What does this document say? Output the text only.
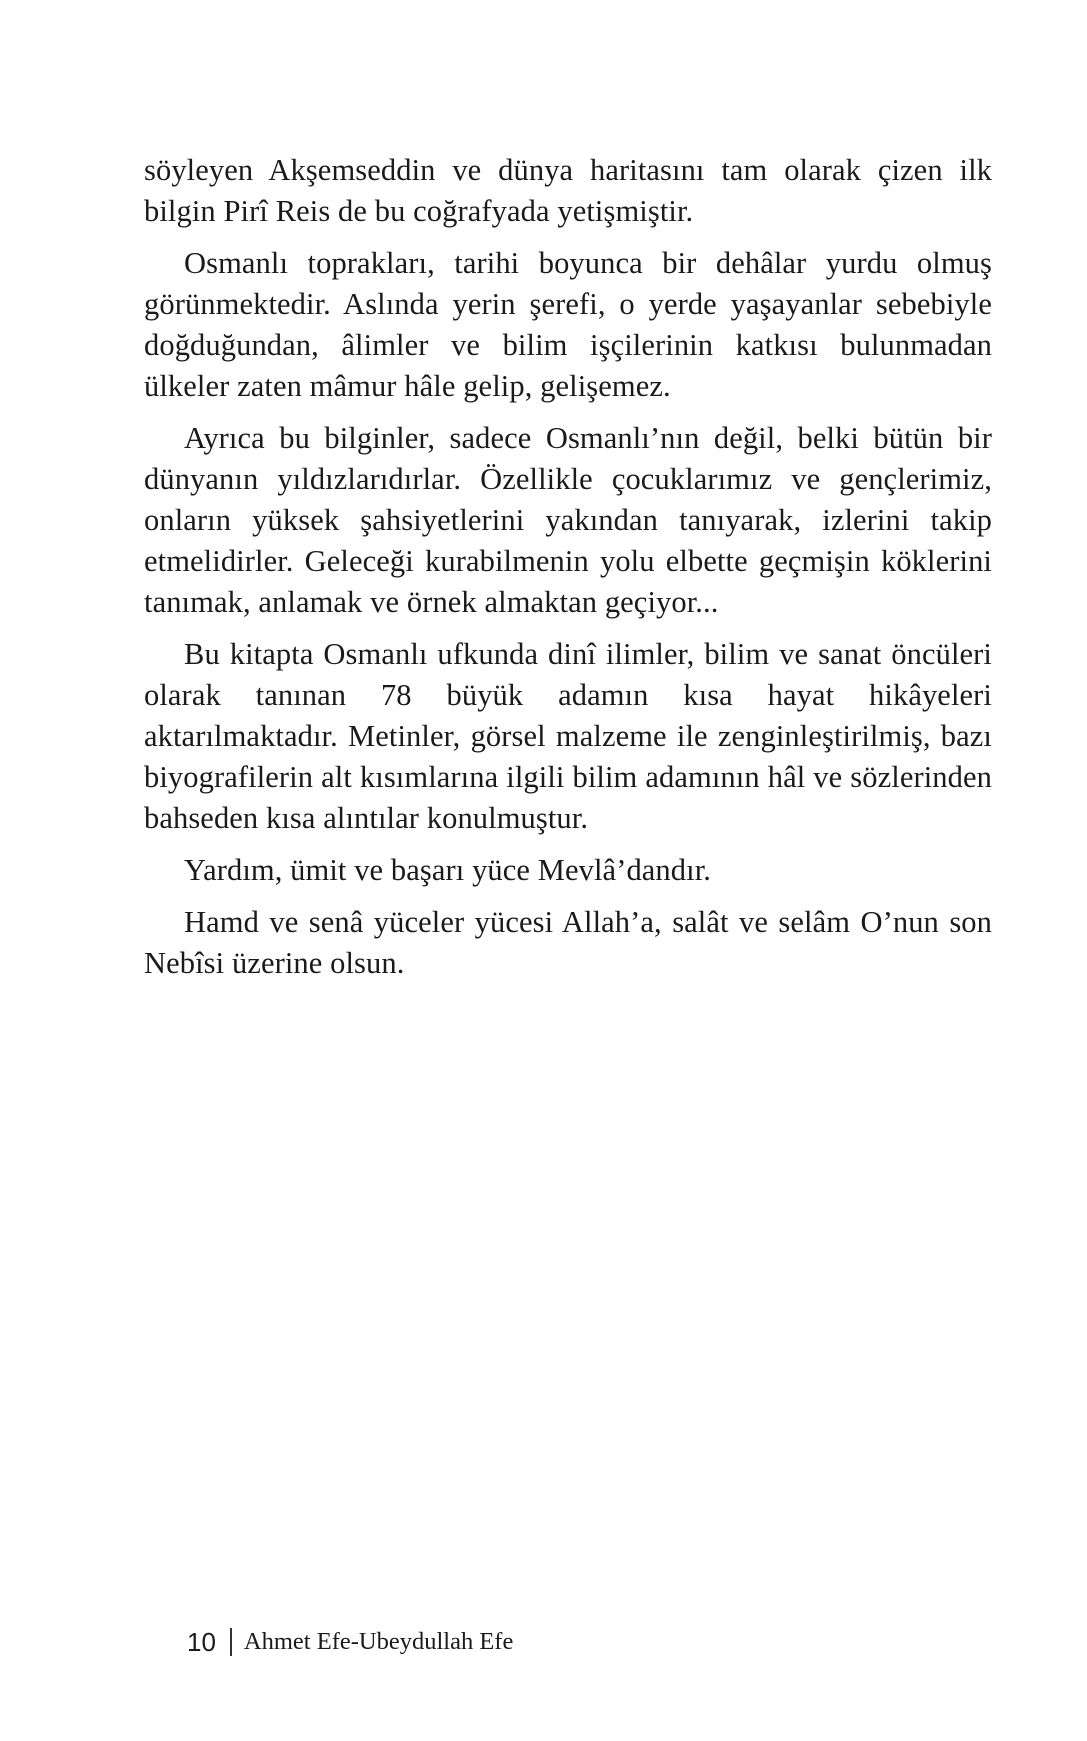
söyleyen Akşemseddin ve dünya haritasını tam olarak çizen ilk bilgin Pirî Reis de bu coğrafyada yetişmiştir.

Osmanlı toprakları, tarihi boyunca bir dehâlar yurdu olmuş görünmektedir. Aslında yerin şerefi, o yerde yaşayanlar sebebiyle doğduğundan, âlimler ve bilim işçilerinin katkısı bulunmadan ülkeler zaten mâmur hâle gelip, gelişemez.

Ayrıca bu bilginler, sadece Osmanlı’nın değil, belki bütün bir dünyanın yıldızlarıdırlar. Özellikle çocuklarımız ve gençlerimiz, onların yüksek şahsiyetlerini yakından tanıyarak, izlerini takip etmelidirler. Geleceği kurabilmenin yolu elbette geçmişin köklerini tanımak, anlamak ve örnek almaktan geçiyor...

Bu kitapta Osmanlı ufkunda dinî ilimler, bilim ve sanat öncüleri olarak tanınan 78 büyük adamın kısa hayat hikâyeleri aktarılmaktadır. Metinler, görsel malzeme ile zenginleştirilmiş, bazı biyografilerin alt kısımlarına ilgili bilim adamının hâl ve sözlerinden bahseden kısa alıntılar konulmuştur.

Yardım, ümit ve başarı yüce Mevlâ’dandır.

Hamd ve senâ yüceler yücesi Allah’a, salât ve selâm O’nun son Nebîsi üzerine olsun.

10 Ahmet Efe-Ubeydullah Efe
